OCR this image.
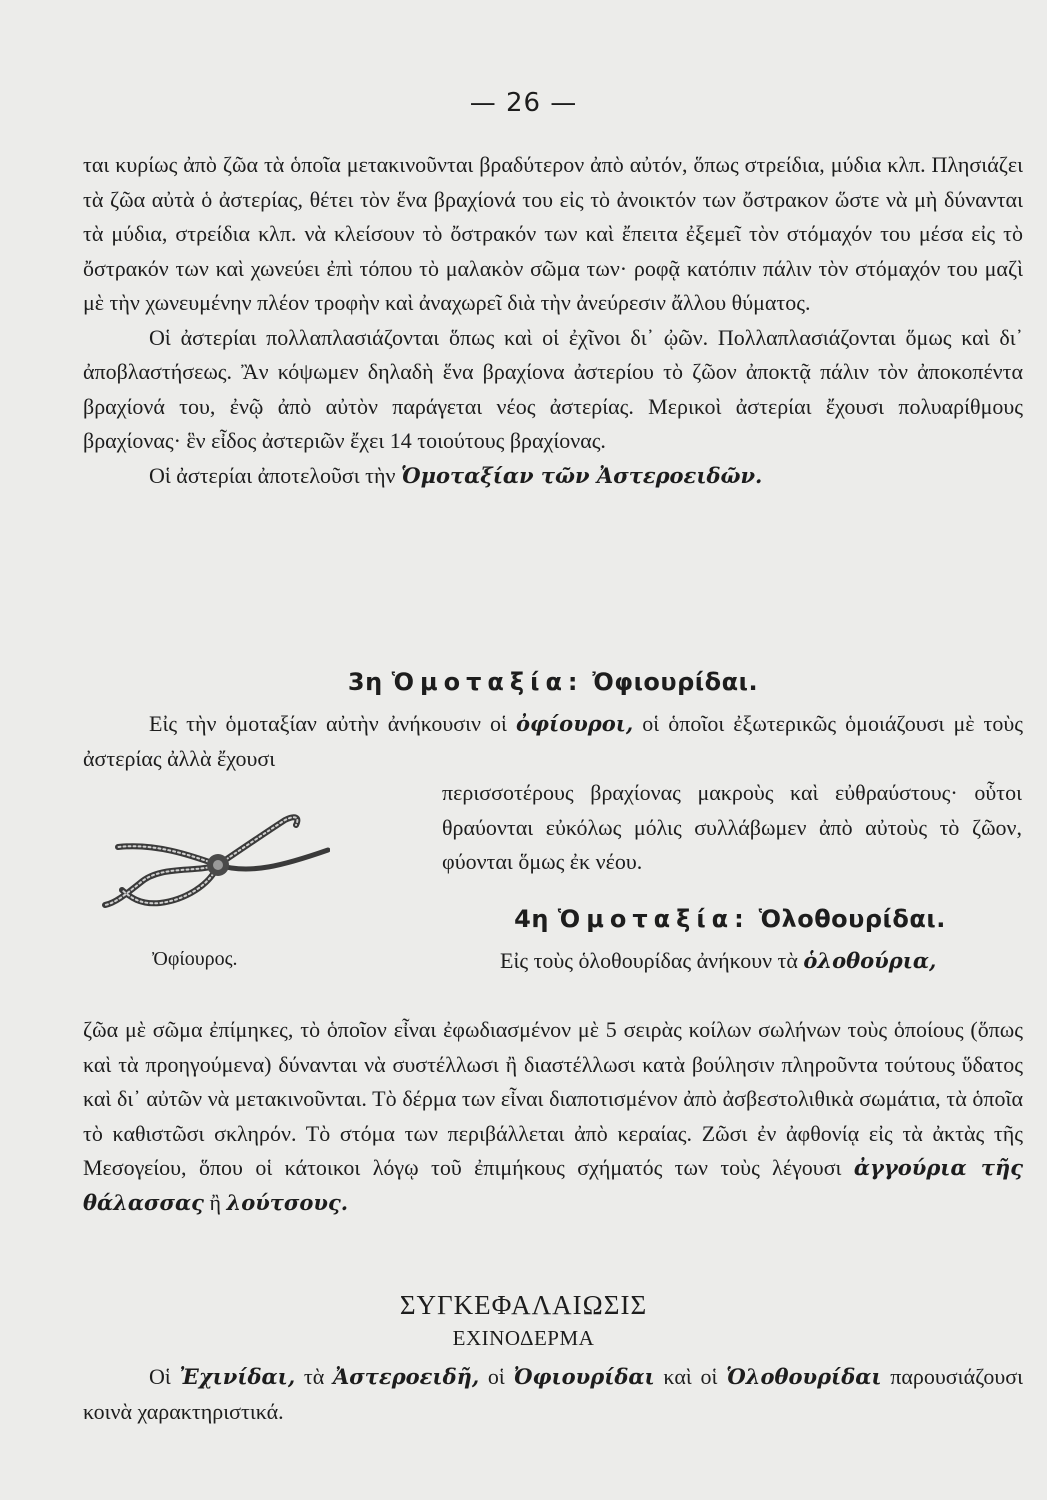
— 26 —

ται κυρίως ἀπὸ ζῶα τὰ ὁποῖα μετακινοῦνται βραδύτερον ἀπὸ αὐτόν, ὅπως στρείδια, μύδια κλπ. Πλησιάζει τὰ ζῶα αὐτὰ ὁ ἀστερίας, θέτει τὸν ἕνα βραχίονά του εἰς τὸ ἀνοικτόν των ὄστρακον ὥστε νὰ μὴ δύνανται τὰ μύδια, στρείδια κλπ. νὰ κλείσουν τὸ ὄστρακόν των καὶ ἔπειτα ἐξεμεῖ τὸν στόμαχόν του μέσα εἰς τὸ ὄστρακόν των καὶ χωνεύει ἐπὶ τόπου τὸ μαλακὸν σῶμα των· ροφᾷ κατόπιν πάλιν τὸν στόμαχόν του μαζὶ μὲ τὴν χωνευμένην πλέον τροφὴν καὶ ἀναχωρεῖ διὰ τὴν ἀνεύρεσιν ἄλλου θύματος.

Οἱ ἀστερίαι πολλαπλασιάζονται ὅπως καὶ οἱ ἐχῖνοι δι᾿ ᾠῶν. Πολλαπλασιάζονται ὅμως καὶ δι᾿ ἀποβλαστήσεως. Ἂν κόψωμεν δηλαδὴ ἕνα βραχίονα ἀστερίου τὸ ζῶον ἀποκτᾷ πάλιν τὸν ἀποκοπέντα βραχίονά του, ἐνῷ ἀπὸ αὐτὸν παράγεται νέος ἀστερίας. Μερικοὶ ἀστερίαι ἔχουσι πολυαρίθμους βραχίονας· ἓν εἶδος ἀστεριῶν ἔχει 14 τοιούτους βραχίονας.

Οἱ ἀστερίαι ἀποτελοῦσι τὴν Ὁμοταξίαν τῶν Ἀστεροειδῶν.

3η Ὁμοταξία: Ὀφιουρίδαι.

Εἰς τὴν ὁμοταξίαν αὐτὴν ἀνήκουσιν οἱ ὀφίουροι, οἱ ὁποῖοι ἐξωτερικῶς ὁμοιάζουσι μὲ τοὺς ἀστερίας ἀλλὰ ἔχουσι

περισσοτέρους βραχίονας μακροὺς καὶ εὐθραύστους· οὗτοι θραύονται εὐκόλως μόλις συλλάβωμεν ἀπὸ αὐτοὺς τὸ ζῶον, φύονται ὅμως ἐκ νέου.

Ὀφίουρος.
4η Ὁμοταξία: Ὁλοθουρίδαι.

Εἰς τοὺς ὁλοθουρίδας ἀνήκουν τὰ ὁλοθούρια,

ζῶα μὲ σῶμα ἐπίμηκες, τὸ ὁποῖον εἶναι ἐφωδιασμένον μὲ 5 σειρὰς κοίλων σωλήνων τοὺς ὁποίους (ὅπως καὶ τὰ προηγούμενα) δύνανται νὰ συστέλλωσι ἢ διαστέλλωσι κατὰ βούλησιν πληροῦντα τούτους ὕδατος καὶ δι᾿ αὐτῶν νὰ μετακινοῦνται. Τὸ δέρμα των εἶναι διαποτισμένον ἀπὸ ἀσβεστολιθικὰ σωμάτια, τὰ ὁποῖα τὸ καθιστῶσι σκληρόν. Τὸ στόμα των περιβάλλεται ἀπὸ κεραίας. Ζῶσι ἐν ἀφθονίᾳ εἰς τὰ ἀκτὰς τῆς Μεσογείου, ὅπου οἱ κάτοικοι λόγῳ τοῦ ἐπιμήκους σχήματός των τοὺς λέγουσι ἀγγούρια τῆς θάλασσας ἢ λούτσους.

ΣΥΓΚΕΦΑΛΑΙΩΣΙΣ
ΕΧΙΝΟΔΕΡΜΑ

Οἱ Ἐχινίδαι, τὰ Ἀστεροειδῆ, οἱ Ὀφιουρίδαι καὶ οἱ Ὁλοθουρίδαι παρουσιάζουσι κοινὰ χαρακτηριστικά.
